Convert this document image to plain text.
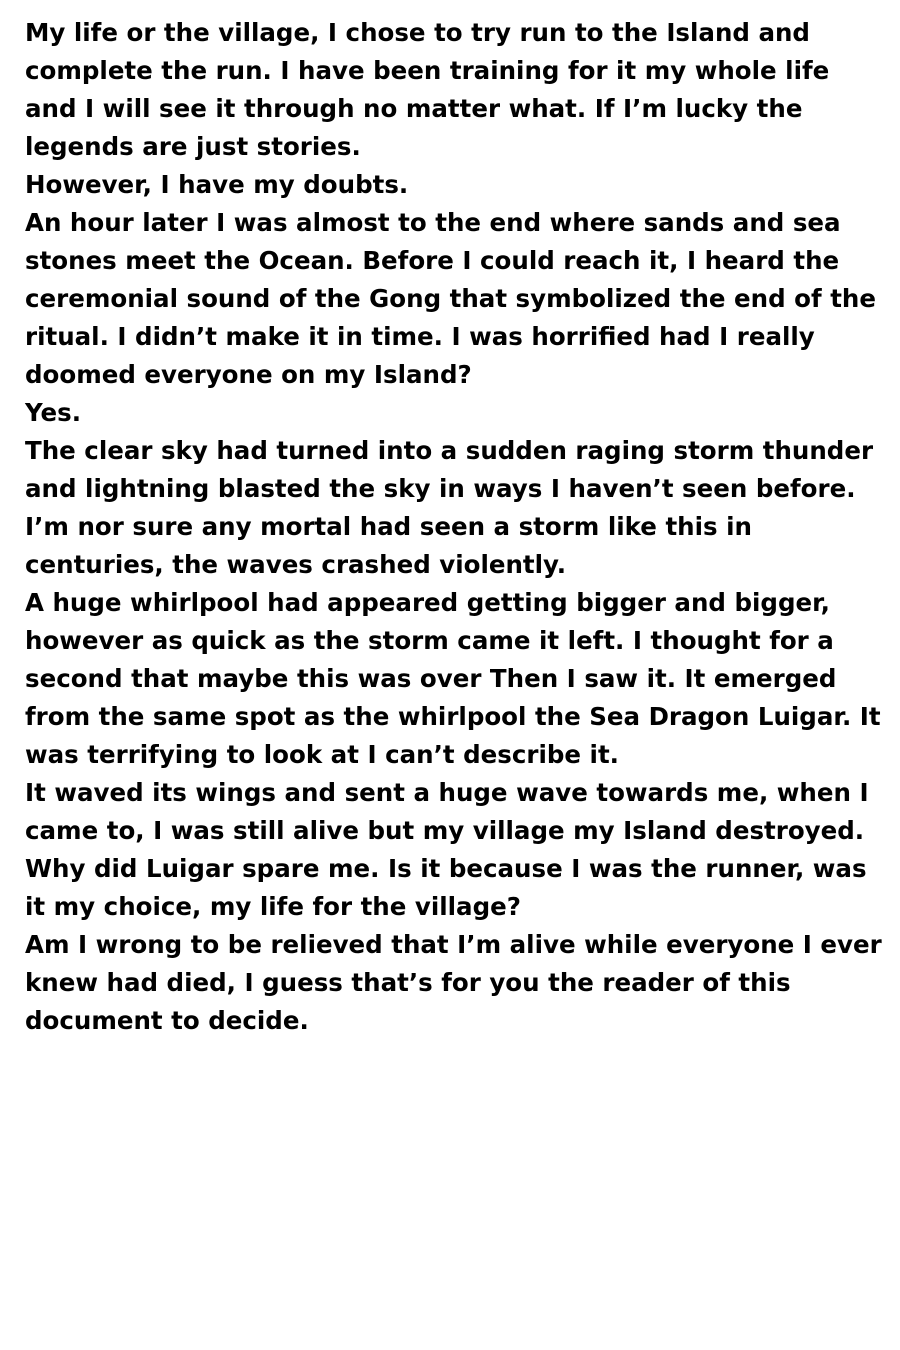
My life or the village, I chose to try run to the Island and complete the run. I have been training for it my whole life and I will see it through no matter what. If I’m lucky the legends are just stories.

However, I have my doubts.

An hour later I was almost to the end where sands and sea stones meet the Ocean. Before I could reach it, I heard the ceremonial sound of the Gong that symbolized the end of the ritual. I didn’t make it in time. I was horrified had I really doomed everyone on my Island?

Yes.

The clear sky had turned into a sudden raging storm thunder and lightning blasted the sky in ways I haven’t seen before. I’m nor sure any mortal had seen a storm like this in centuries, the waves crashed violently.

A huge whirlpool had appeared getting bigger and bigger, however as quick as the storm came it left. I thought for a second that maybe this was over Then I saw it. It emerged from the same spot as the whirlpool the Sea Dragon Luigar. It was terrifying to look at I can’t describe it.

It waved its wings and sent a huge wave towards me, when I came to, I was still alive but my village my Island destroyed. Why did Luigar spare me. Is it because I was the runner, was it my choice, my life for the village?

Am I wrong to be relieved that I’m alive while everyone I ever knew had died, I guess that’s for you the reader of this document to decide.
